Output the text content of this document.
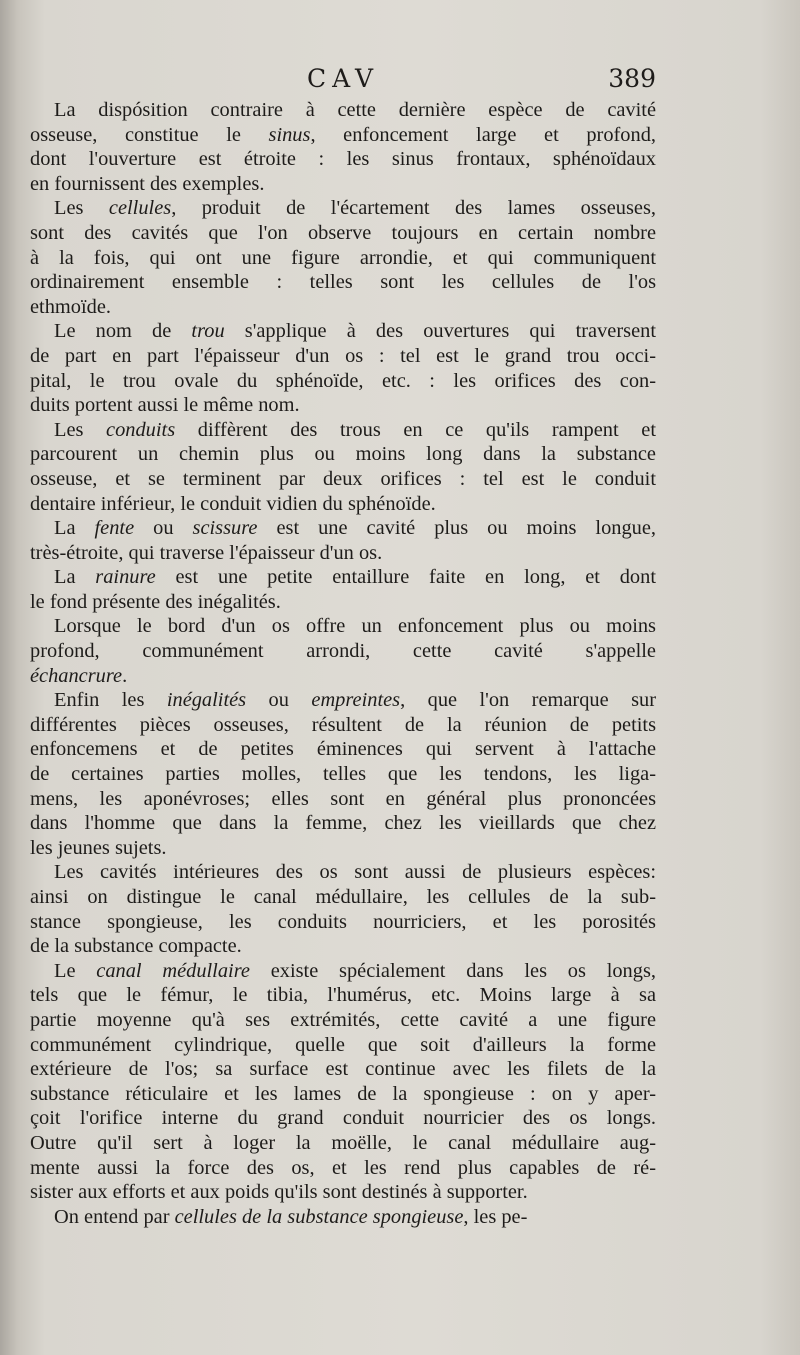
CAV	389

La dispósition contraire à cette dernière espèce de cavité
osseuse, constitue le sinus, enfoncement large et profond,
dont l'ouverture est étroite : les sinus frontaux, sphénoïdaux
en fournissent des exemples.

Les cellules, produit de l'écartement des lames osseuses,
sont des cavités que l'on observe toujours en certain nombre
à la fois, qui ont une figure arrondie, et qui communiquent
ordinairement ensemble : telles sont les cellules de l'os
ethmoïde.

Le nom de trou s'applique à des ouvertures qui traversent
de part en part l'épaisseur d'un os : tel est le grand trou occi-
pital, le trou ovale du sphénoïde, etc. : les orifices des con-
duits portent aussi le même nom.

Les conduits diffèrent des trous en ce qu'ils rampent et
parcourent un chemin plus ou moins long dans la substance
osseuse, et se terminent par deux orifices : tel est le conduit
dentaire inférieur, le conduit vidien du sphénoïde.

La fente ou scissure est une cavité plus ou moins longue,
très-étroite, qui traverse l'épaisseur d'un os.

La rainure est une petite entaillure faite en long, et dont
le fond présente des inégalités.

Lorsque le bord d'un os offre un enfoncement plus ou moins
profond, communément arrondi, cette cavité s'appelle
échancrure.

Enfin les inégalités ou empreintes, que l'on remarque sur
différentes pièces osseuses, résultent de la réunion de petits
enfoncemens et de petites éminences qui servent à l'attache
de certaines parties molles, telles que les tendons, les liga-
mens, les aponévroses; elles sont en général plus prononcées
dans l'homme que dans la femme, chez les vieillards que chez
les jeunes sujets.

Les cavités intérieures des os sont aussi de plusieurs espèces:
ainsi on distingue le canal médullaire, les cellules de la sub-
stance spongieuse, les conduits nourriciers, et les porosités
de la substance compacte.

Le canal médullaire existe spécialement dans les os longs,
tels que le fémur, le tibia, l'humérus, etc. Moins large à sa
partie moyenne qu'à ses extrémités, cette cavité a une figure
communément cylindrique, quelle que soit d'ailleurs la forme
extérieure de l'os; sa surface est continue avec les filets de la
substance réticulaire et les lames de la spongieuse : on y aper-
çoit l'orifice interne du grand conduit nourricier des os longs.
Outre qu'il sert à loger la moëlle, le canal médullaire aug-
mente aussi la force des os, et les rend plus capables de ré-
sister aux efforts et aux poids qu'ils sont destinés à supporter.

On entend par cellules de la substance spongieuse, les pe-
